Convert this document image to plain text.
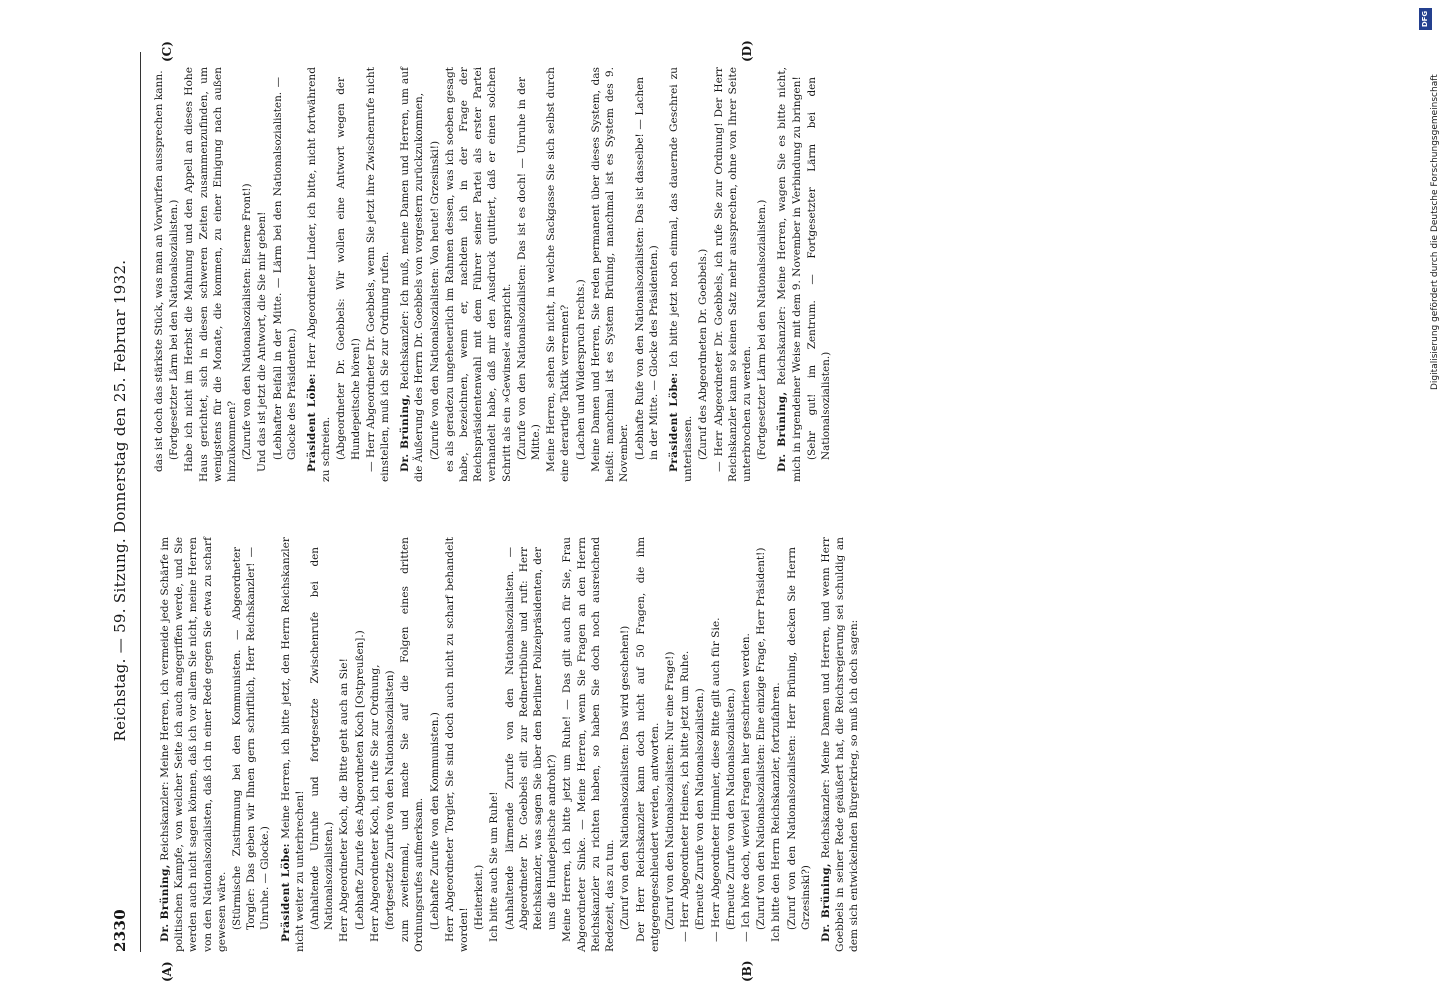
2330
Reichstag. — 59. Sitzung. Donnerstag den 25. Februar 1932.
(A)	(B)
(C)	(D)

Dr. Brüning, Reichskanzler: Meine Herren, ich vermeide jede Schärfe im politischen Kampfe, von welcher Seite ich auch angegriffen werde, und Sie werden auch nicht sagen können, daß ich vor allem Sie nicht, meine Herren von den Nationalsozialisten, daß ich in einer Rede gegen Sie etwa zu scharf gewesen wäre. (Stürmische Zustimmung bei den Kommunisten. — Abgeordneter Torgler: Das geben wir Ihnen gern schriftlich, Herr Reichskanzler! — Unruhe. — Glocke.) Präsident Löbe: Meine Herren, ich bitte jetzt, den Herrn Reichskanzler nicht weiter zu unterbrechen! (Anhaltende Unruhe und fortgesetzte Zwischenrufe bei den Nationalsozialisten.) Herr Abgeordneter Koch, die Bitte geht auch an Sie! (Lebhafte Zurufe des Abgeordneten Koch [Ostpreußen].) Herr Abgeordneter Koch, ich rufe Sie zur Ordnung, (fortgesetzte Zurufe von den Nationalsozialisten) zum zweitenmal, und mache Sie auf die Folgen eines dritten Ordnungsrufes aufmerksam. (Lebhafte Zurufe von den Kommunisten.) Herr Abgeordneter Torgler, Sie sind doch auch nicht zu scharf behandelt worden! (Heiterkeit.) Ich bitte auch Sie um Ruhe! (Anhaltende lärmende Zurufe von den Nationalsozialisten. — Abgeordneter Dr. Goebbels eilt zur Rednertribüne und ruft: Herr Reichskanzler, was sagen Sie über den Berliner Polizeipräsidenten, der uns die Hundepeitsche androht?) Meine Herren, ich bitte jetzt um Ruhe! — Das gilt auch für Sie, Frau Abgeordneter Sinke. — Meine Herren, wenn Sie Fragen an den Herrn Reichskanzler zu richten haben, so haben Sie doch noch ausreichend Redezeit, das zu tun. (Zuruf von den Nationalsozialisten: Das wird geschehen!) Der Herr Reichskanzler kann doch nicht auf 50 Fragen, die ihm entgegengeschleudert werden, antworten. (Zuruf von den Nationalsozialisten: Nur eine Frage!) — Herr Abgeordneter Heines, ich bitte jetzt um Ruhe. (Erneute Zurufe von den Nationalsozialisten.) — Herr Abgeordneter Himmler, diese Bitte gilt auch für Sie. (Erneute Zurufe von den Nationalsozialisten.) — Ich höre doch, wieviel Fragen hier geschrieen werden. (Zuruf von den Nationalsozialisten: Eine einzige Frage, Herr Präsident!) Ich bitte den Herrn Reichskanzler, fortzufahren. (Zuruf von den Nationalsozialisten: Herr Brüning, decken Sie Herrn Grzesinski?) Dr. Brüning, Reichskanzler: Meine Damen und Herren, und wenn Herr Goebbels in seiner Rede geäußert hat, die Reichsregierung sei schuldig an dem sich entwickelnden Bürgerkrieg, so muß ich doch sagen:

das ist doch das stärkste Stück, was man an Vorwürfen aussprechen kann. (Fortgesetzter Lärm bei den Nationalsozialisten.) Habe ich nicht im Herbst die Mahnung und den Appell an dieses Hohe Haus gerichtet, sich in diesen schweren Zeiten zusammenzufinden, um wenigstens für die Monate, die kommen, zu einer Einigung nach außen hinzukommen? (Zurufe von den Nationalsozialisten: Eiserne Front!) Und das ist jetzt die Antwort, die Sie mir geben! (Lebhafter Beifall in der Mitte. — Lärm bei den Nationalsozialisten. — Glocke des Präsidenten.) Präsident Löbe: Herr Abgeordneter Linder, ich bitte, nicht fortwährend zu schreien. (Abgeordneter Dr. Goebbels: Wir wollen eine Antwort wegen der Hundepeitsche hören!) — Herr Abgeordneter Dr. Goebbels, wenn Sie jetzt ihre Zwischenrufe nicht einstellen, muß ich Sie zur Ordnung rufen. Dr. Brüning, Reichskanzler: Ich muß, meine Damen und Herren, um auf die Äußerung des Herrn Dr. Goebbels von vorgestern zurückzukommen, (Zurufe von den Nationalsozialisten: Von heute! Grzesinski!) es als geradezu ungeheuerlich im Rahmen dessen, was ich soeben gesagt habe, bezeichnen, wenn er, nachdem ich in der Frage der Reichspräsidentenwahl mit dem Führer seiner Partei als erster Partei verhandelt habe, daß mir den Ausdruck quittiert, daß er einen solchen Schritt als ein »Gewinsel« anspricht. (Zurufe von den Nationalsozialisten: Das ist es doch! — Unruhe in der Mitte.) Meine Herren, sehen Sie nicht, in welche Sackgasse Sie sich selbst durch eine derartige Taktik verrennen? (Lachen und Widerspruch rechts.) Meine Damen und Herren, Sie reden permanent über dieses System, das heißt: manchmal ist es System Brüning, manchmal ist es System des 9. November. (Lebhafte Rufe von den Nationalsozialisten: Das ist dasselbe! — Lachen in der Mitte. — Glocke des Präsidenten.) Präsident Löbe: Ich bitte jetzt noch einmal, das dauernde Geschrei zu unterlassen. (Zuruf des Abgeordneten Dr. Goebbels.) — Herr Abgeordneter Dr. Goebbels, ich rufe Sie zur Ordnung! Der Herr Reichskanzler kann so keinen Satz mehr aussprechen, ohne von Ihrer Seite unterbrochen zu werden. (Fortgesetzter Lärm bei den Nationalsozialisten.) Dr. Brüning, Reichskanzler: Meine Herren, wagen Sie es bitte nicht, mich in irgendeiner Weise mit dem 9. November in Verbindung zu bringen! (Sehr gut! im Zentrum. — Fortgesetzter Lärm bei den Nationalsozialisten.)

Digitalisierung gefördert durch die Deutsche Forschungsgemeinschaft
DFG
